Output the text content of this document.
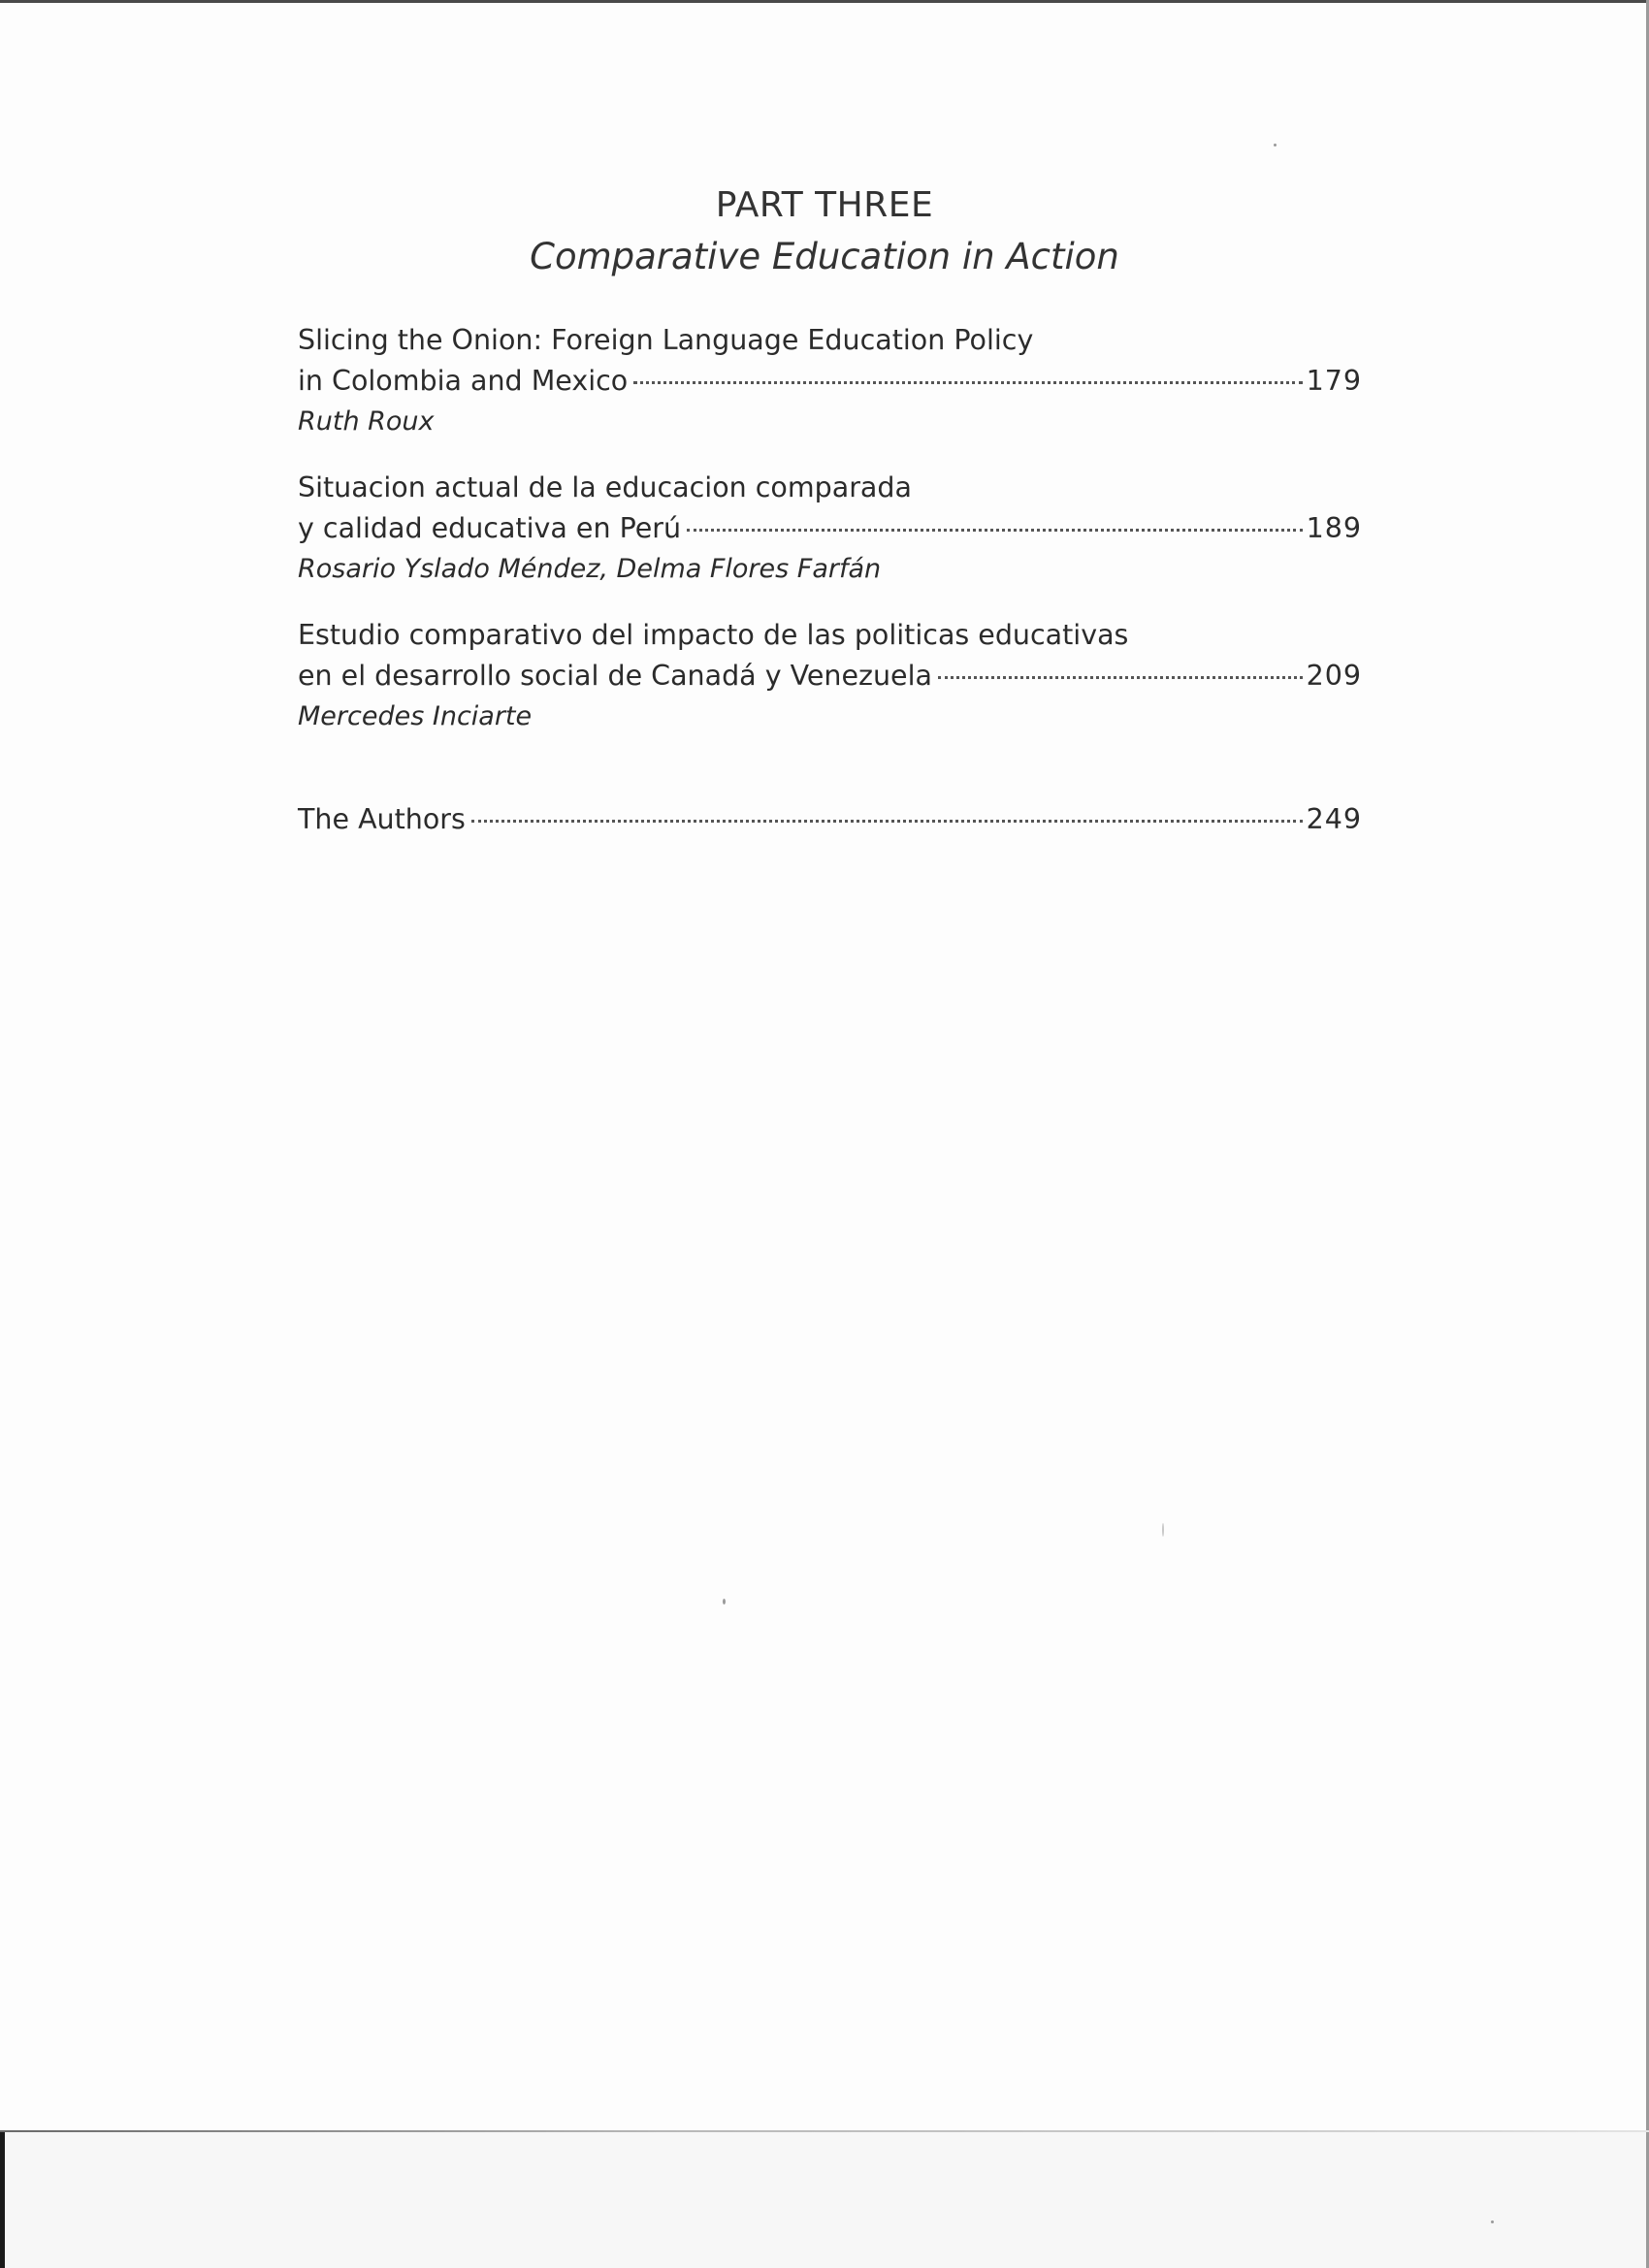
PART THREE
Comparative Education in Action
Slicing the Onion: Foreign Language Education Policy
in Colombia and Mexico	179
Ruth Roux
Situacion actual de la educacion comparada
y calidad educativa en Perú	189
Rosario Yslado Méndez, Delma Flores Farfán
Estudio comparativo del impacto de las politicas educativas
en el desarrollo social de Canadá y Venezuela	209
Mercedes Inciarte
The Authors	249
